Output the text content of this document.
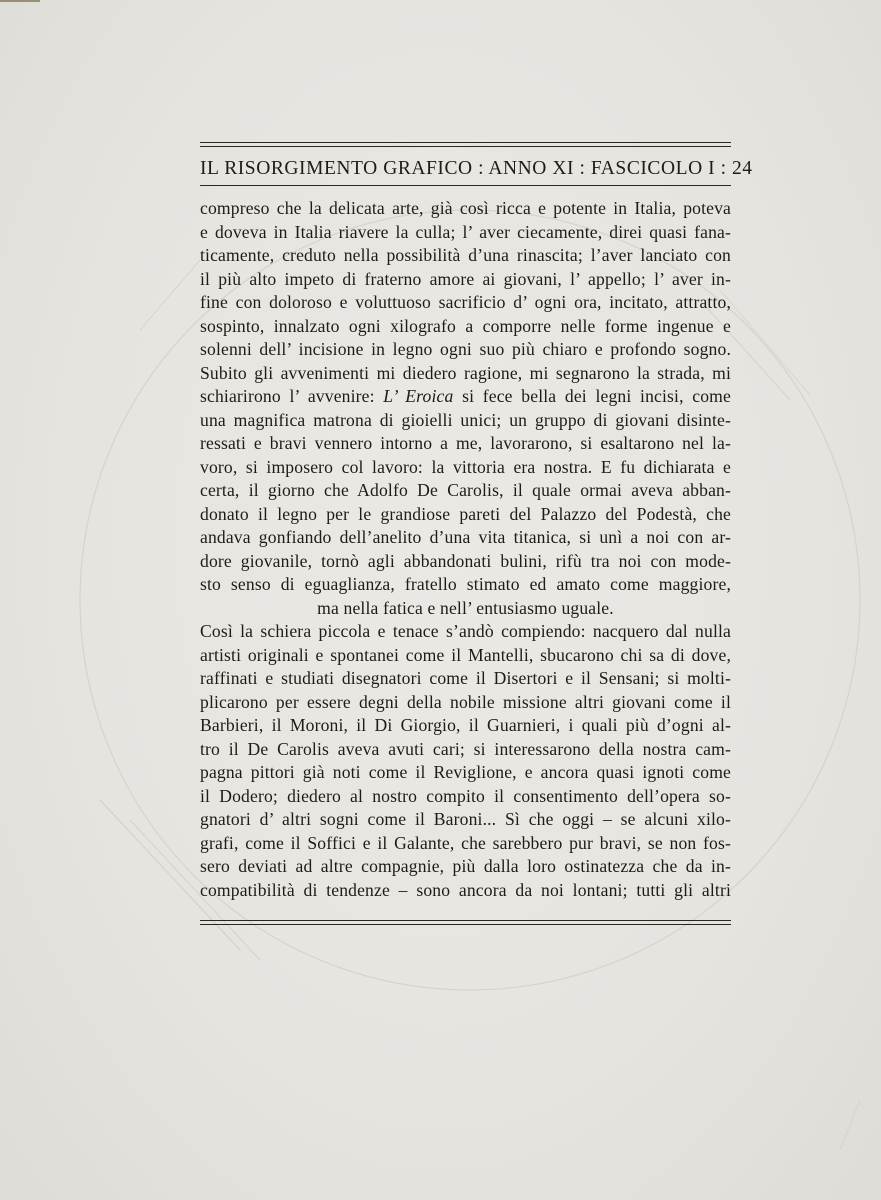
IL RISORGIMENTO GRAFICO : ANNO XI : FASCICOLO I : 24
compreso che la delicata arte, già così ricca e potente in Italia, poteva
e doveva in Italia riavere la culla; l’ aver ciecamente, direi quasi fana-
ticamente, creduto nella possibilità d’una rinascita; l’aver lanciato con
il più alto impeto di fraterno amore ai giovani, l’ appello; l’ aver in-
fine con doloroso e voluttuoso sacrificio d’ ogni ora, incitato, attratto,
sospinto, innalzato ogni xilografo a comporre nelle forme ingenue e
solenni dell’ incisione in legno ogni suo più chiaro e profondo sogno.
Subito gli avvenimenti mi diedero ragione, mi segnarono la strada, mi
schiarirono l’ avvenire: L’ Eroica si fece bella dei legni incisi, come
una magnifica matrona di gioielli unici; un gruppo di giovani disinte-
ressati e bravi vennero intorno a me, lavorarono, si esaltarono nel la-
voro, si imposero col lavoro: la vittoria era nostra. E fu dichiarata e
certa, il giorno che Adolfo De Carolis, il quale ormai aveva abban-
donato il legno per le grandiose pareti del Palazzo del Podestà, che
andava gonfiando dell’anelito d’una vita titanica, si unì a noi con ar-
dore giovanile, tornò agli abbandonati bulini, rifù tra noi con mode-
sto senso di eguaglianza, fratello stimato ed amato come maggiore,
ma nella fatica e nell’ entusiasmo uguale.
Così la schiera piccola e tenace s’andò compiendo: nacquero dal nulla
artisti originali e spontanei come il Mantelli, sbucarono chi sa di dove,
raffinati e studiati disegnatori come il Disertori e il Sensani; si molti-
plicarono per essere degni della nobile missione altri giovani come il
Barbieri, il Moroni, il Di Giorgio, il Guarnieri, i quali più d’ogni al-
tro il De Carolis aveva avuti cari; si interessarono della nostra cam-
pagna pittori già noti come il Reviglione, e ancora quasi ignoti come
il Dodero; diedero al nostro compito il consentimento dell’opera so-
gnatori d’ altri sogni come il Baroni... Sì che oggi – se alcuni xilo-
grafi, come il Soffici e il Galante, che sarebbero pur bravi, se non fos-
sero deviati ad altre compagnie, più dalla loro ostinatezza che da in-
compatibilità di tendenze – sono ancora da noi lontani; tutti gli altri
